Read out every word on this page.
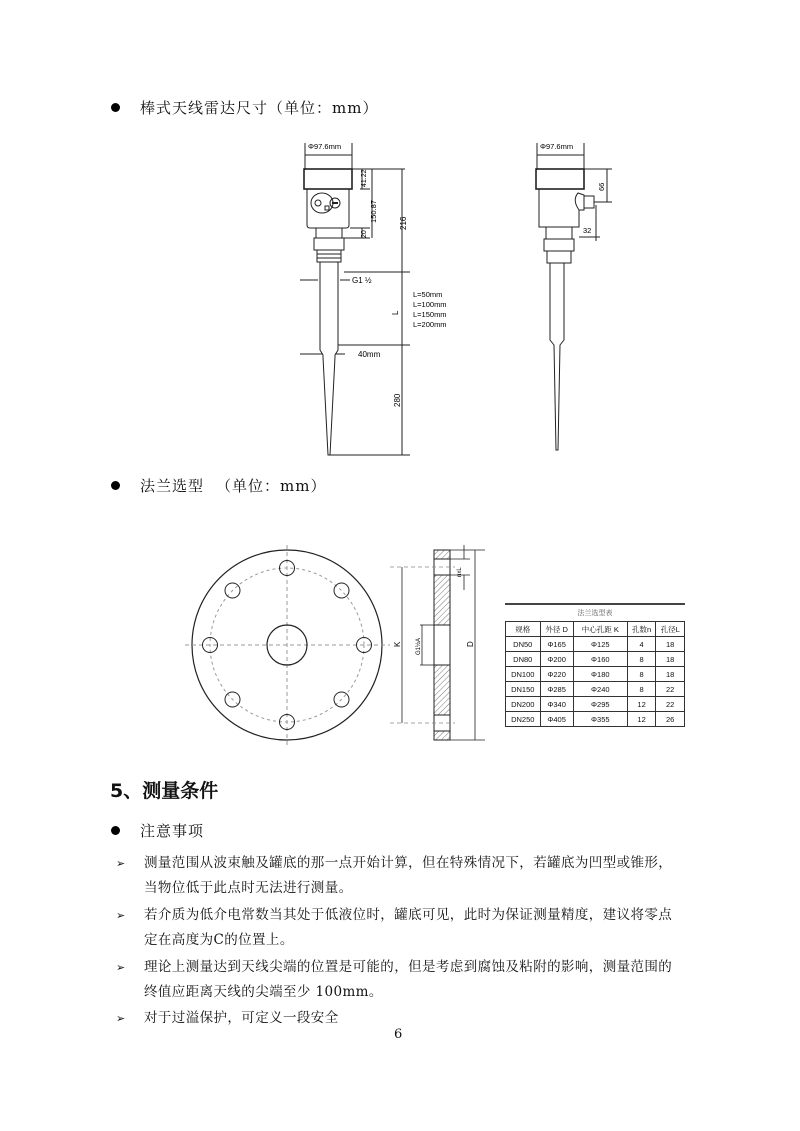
棒式天线雷达尺寸（单位：mm）
Φ97.6mm
41.22
150.87
20
216
G1 ½
L
L=50mm
L=100mm
L=150mm
L=200mm
40mm
280
Φ97.6mm
66
32
法兰选型 （单位：mm）
K	D
G1½A
nxL
法兰选型表
规格	外径 D	中心孔距 K	孔数n	孔径L
DN50	Φ165	Φ125	4	18
DN80	Φ200	Φ160	8	18
DN100	Φ220	Φ180	8	18
DN150	Φ285	Φ240	8	22
DN200	Φ340	Φ295	12	22
DN250	Φ405	Φ355	12	26
5、测量条件
注意事项
➢ 测量范围从波束触及罐底的那一点开始计算，但在特殊情况下，若罐底为凹型或锥形，
当物位低于此点时无法进行测量。
➢ 若介质为低介电常数当其处于低液位时，罐底可见，此时为保证测量精度，建议将零点
定在高度为C的位置上。
➢ 理论上测量达到天线尖端的位置是可能的，但是考虑到腐蚀及粘附的影响，测量范围的
终值应距离天线的尖端至少 100mm。
➢ 对于过溢保护，可定义一段安全
6
